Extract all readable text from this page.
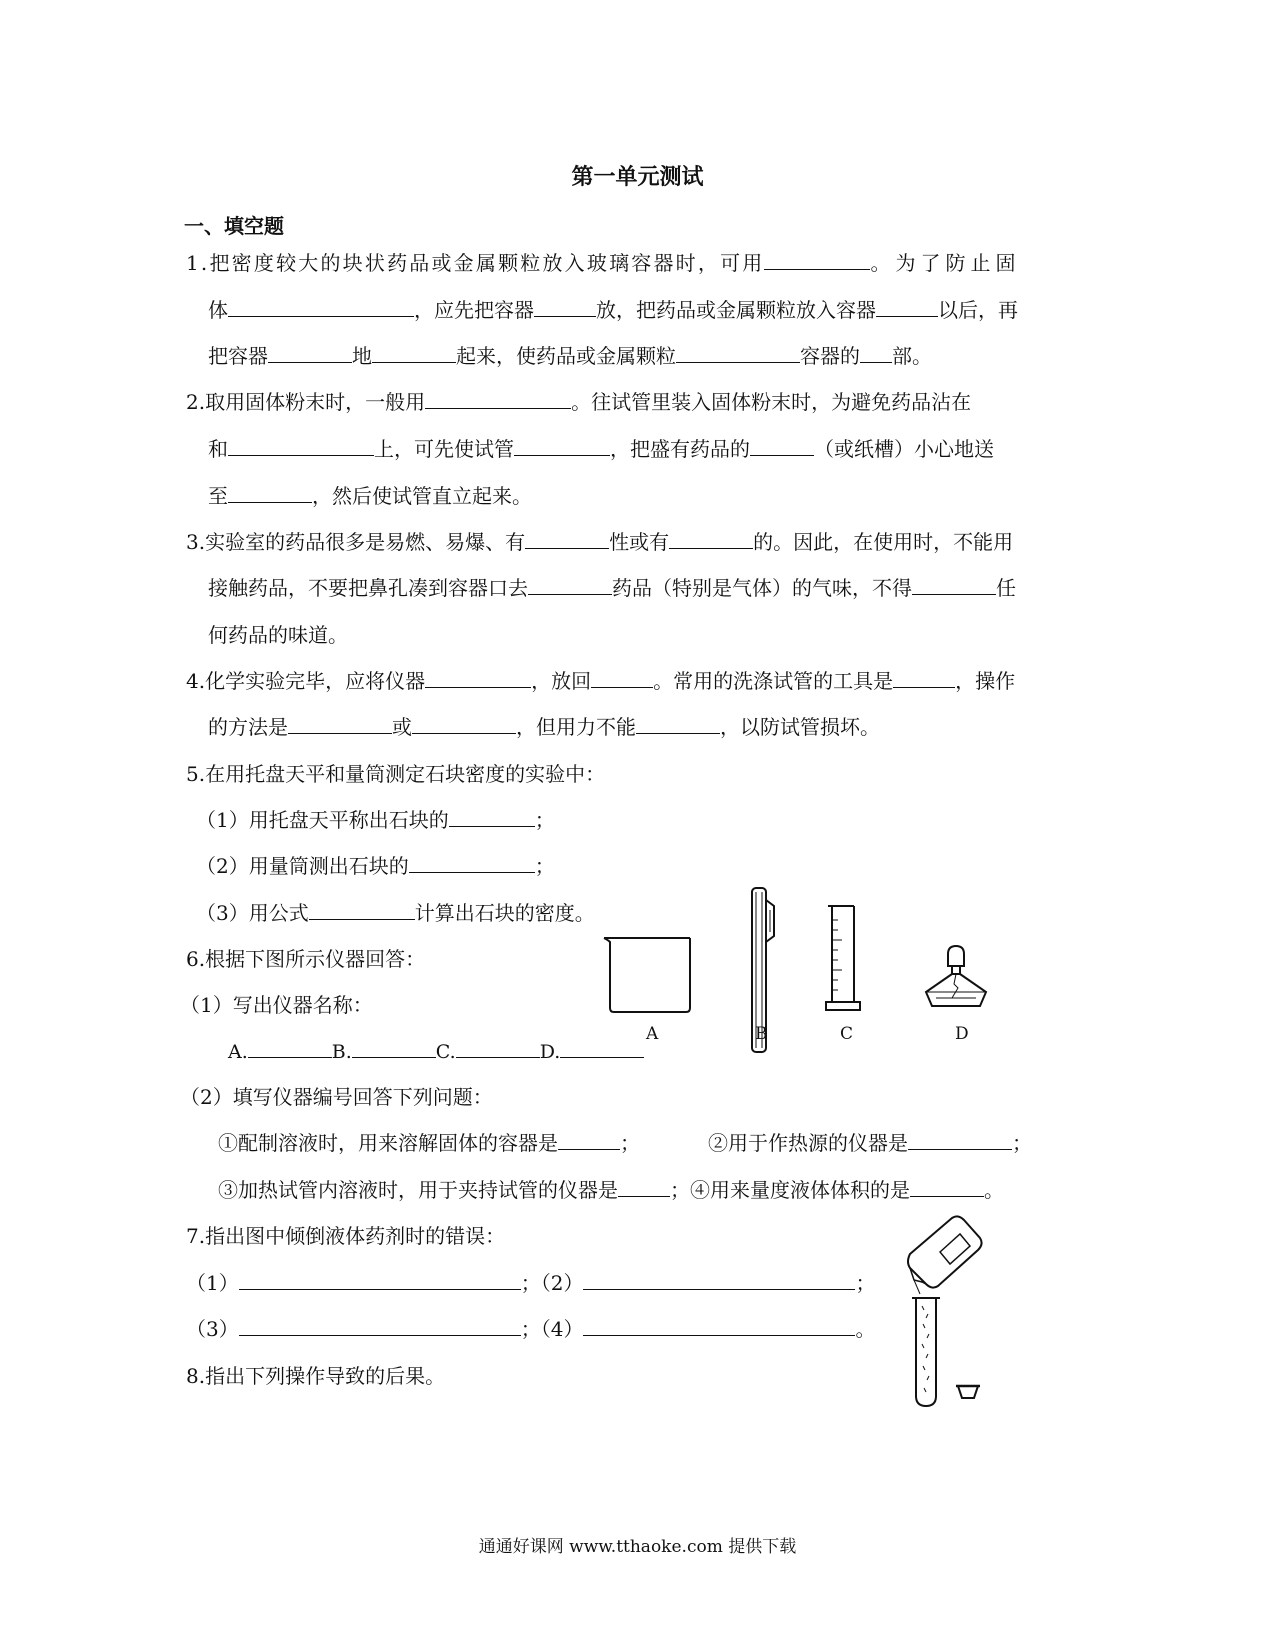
第一单元测试
一、填空题
1.把密度较大的块状药品或金属颗粒放入玻璃容器时，可用	。为了防止固
体	，应先把容器	放，把药品或金属颗粒放入容器	以后，再
把容器	地	起来，使药品或金属颗粒	容器的 部。
2.取用固体粉末时，一般用	。往试管里装入固体粉末时，为避免药品沾在
和	上，可先使试管	，把盛有药品的	（或纸槽）小心地送
至	，然后使试管直立起来。
3.实验室的药品很多是易燃、易爆、有	性或有	的。因此，在使用时，不能用
接触药品，不要把鼻孔凑到容器口去	药品（特别是气体）的气味，不得	任
何药品的味道。
4.化学实验完毕，应将仪器	，放回	。常用的洗涤试管的工具是	，操作
的方法是	或	，但用力不能	，以防试管损坏。
5.在用托盘天平和量筒测定石块密度的实验中：
（1）用托盘天平称出石块的	；
（2）用量筒测出石块的	；
（3）用公式	计算出石块的密度。
6.根据下图所示仪器回答：
（1）写出仪器名称：
A.	B.	C.	D.
（2）填写仪器编号回答下列问题：
①配制溶液时，用来溶解固体的容器是	；	②用于作热源的仪器是	；
③加热试管内溶液时，用于夹持试管的仪器是	；④用来量度液体体积的是	。
A	B	C	D
7.指出图中倾倒液体药剂时的错误：
（1）	；（2）	；
（3）	；（4）	。
8.指出下列操作导致的后果。
通通好课网 www.tthaoke.com 提供下载
